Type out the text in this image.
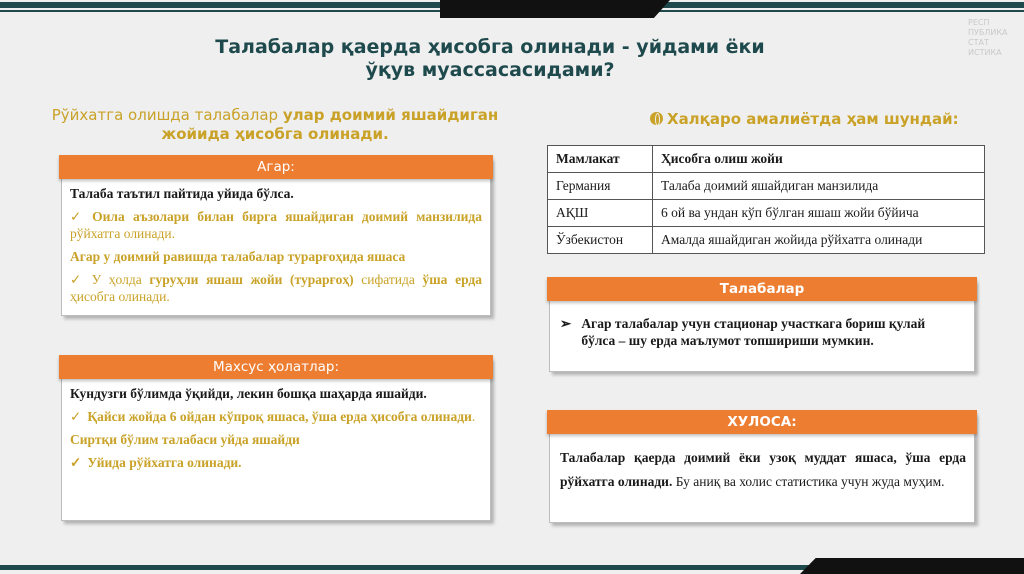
РЕСП
ПУБЛИКА
СТАТ
ИСТИКА
Талабалар қаерда ҳисобга олинади - уйдами ёки ўқув муассасасидами?
Рўйхатга олишда талабалар улар доимий яшайдиган жойида ҳисобга олинади.
Халқаро амалиётда ҳам шундай:
Агар:

Талаба таътил пайтида уйида бўлса.

✓ Оила аъзолари билан бирга яшайдиган доимий манзилида рўйхатга олинади.

Агар у доимий равишда талабалар турарғоҳида яшаса

✓ У ҳолда гуруҳли яшаш жойи (турарғоҳ) сифатида ўша ерда ҳисобга олинади.

Махсус ҳолатлар:

Кундузги бўлимда ўқийди, лекин бошқа шаҳарда яшайди.

✓ Қайси жойда 6 ойдан кўпроқ яшаса, ўша ерда ҳисобга олинади.

Сиртқи бўлим талабаси уйда яшайди

✓ Уйида рўйхатга олинади.

Мамлакат	Ҳисобга олиш жойи
Германия	Талаба доимий яшайдиган манзилида
АҚШ	6 ой ва ундан кўп бўлган яшаш жойи бўйича
Ўзбекистон	Амалда яшайдиган жойида рўйхатга олинади
Талабалар
➢ Агар талабалар учун стационар участкага бориш қулай бўлса – шу ерда маълумот топшириши мумкин.
ХУЛОСА:
Талабалар қаерда доимий ёки узоқ муддат яшаса, ўша ерда рўйхатга олинади. Бу аниқ ва холис статистика учун жуда муҳим.
